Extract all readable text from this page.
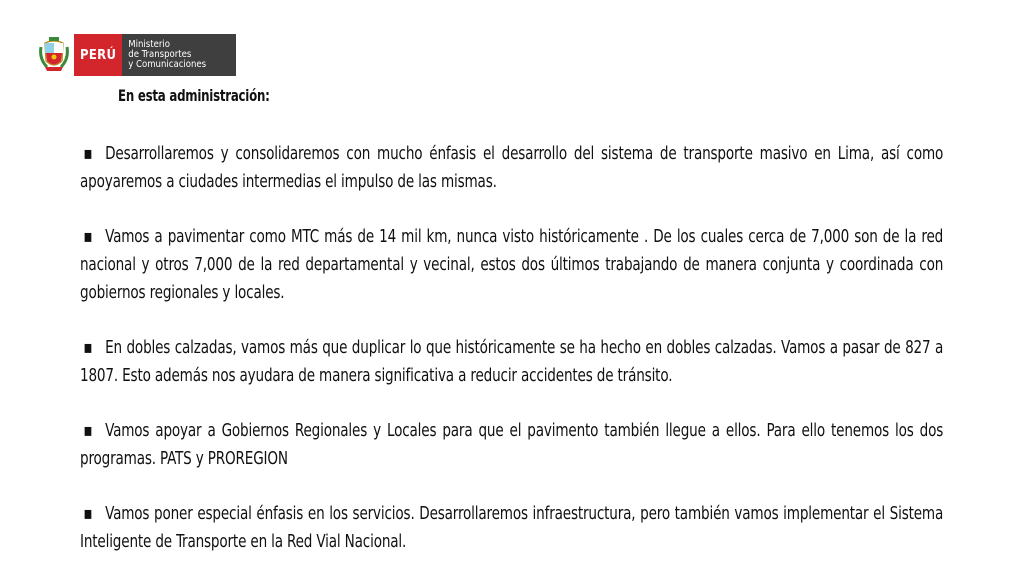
PERÚ
Ministerio
de Transportes
y Comunicaciones
En esta administración:

▪ Desarrollaremos y consolidaremos con mucho énfasis el desarrollo del sistema de transporte masivo en Lima, así como apoyaremos a ciudades intermedias el impulso de las mismas.

▪ Vamos a pavimentar como MTC más de 14 mil km, nunca visto históricamente . De los cuales cerca de 7,000 son de la red nacional y otros 7,000 de la red departamental y vecinal, estos dos últimos trabajando de manera conjunta y coordinada con gobiernos regionales y locales.

▪ En dobles calzadas, vamos más que duplicar lo que históricamente se ha hecho en dobles calzadas. Vamos a pasar de 827 a 1807. Esto además nos ayudara de manera significativa a reducir accidentes de tránsito.

▪ Vamos apoyar a Gobiernos Regionales y Locales para que el pavimento también llegue a ellos. Para ello tenemos los dos programas. PATS y PROREGION

▪ Vamos poner especial énfasis en los servicios. Desarrollaremos infraestructura, pero también vamos implementar el Sistema Inteligente de Transporte en la Red Vial Nacional.
